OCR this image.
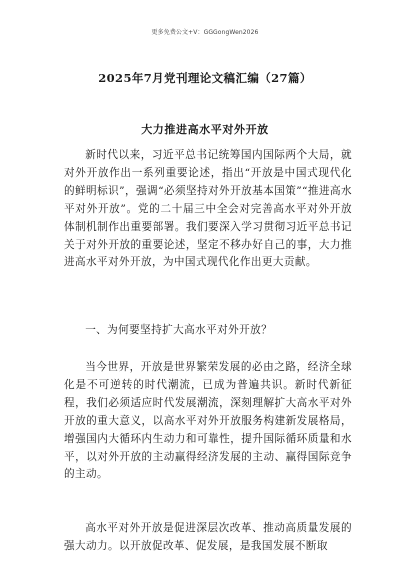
更多免费公文+V：GGGongWen2026
2025年7月党刊理论文稿汇编（27篇）
大力推进高水平对外开放
新时代以来，习近平总书记统筹国内国际两个大局，就对外开放作出一系列重要论述，指出“开放是中国式现代化的鲜明标识”，强调“必须坚持对外开放基本国策”“推进高水平对外开放”。党的二十届三中全会对完善高水平对外开放体制机制作出重要部署。我们要深入学习贯彻习近平总书记关于对外开放的重要论述，坚定不移办好自己的事，大力推进高水平对外开放，为中国式现代化作出更大贡献。
一、为何要坚持扩大高水平对外开放？
当今世界，开放是世界繁荣发展的必由之路，经济全球化是不可逆转的时代潮流，已成为普遍共识。新时代新征程，我们必须适应时代发展潮流，深刻理解扩大高水平对外开放的重大意义，以高水平对外开放服务构建新发展格局，增强国内大循环内生动力和可靠性，提升国际循环质量和水平，以对外开放的主动赢得经济发展的主动、赢得国际竞争的主动。
高水平对外开放是促进深层次改革、推动高质量发展的强大动力。以开放促改革、促发展，是我国发展不断取
